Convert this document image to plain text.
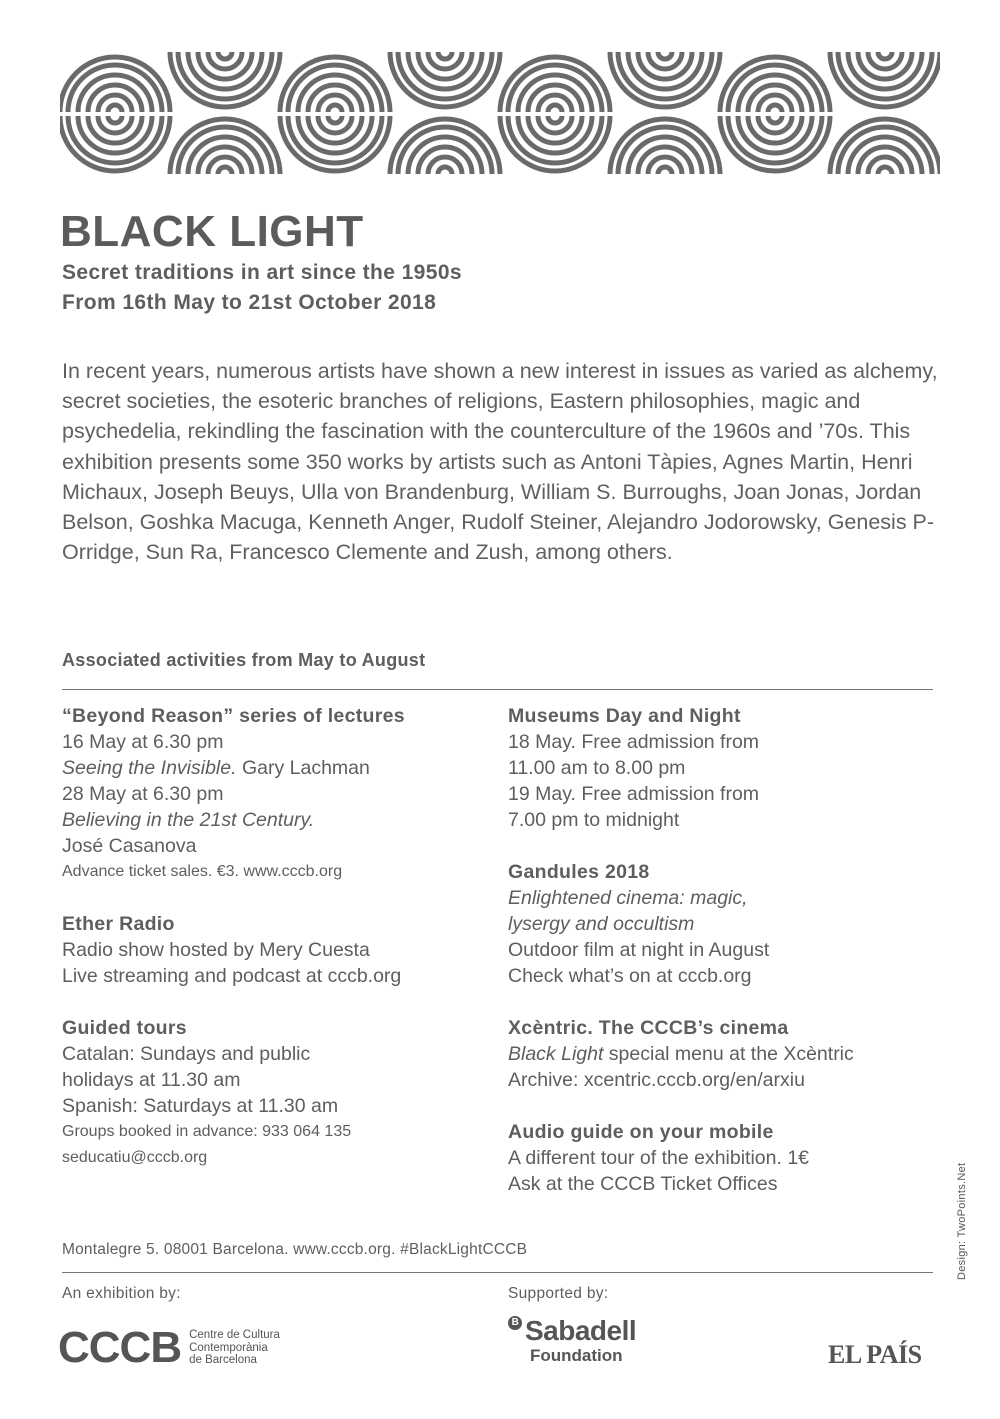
BLACK LIGHT
Secret traditions in art since the 1950s
From 16th May to 21st October 2018

In recent years, numerous artists have shown a new interest in issues as varied as alchemy, secret societies, the esoteric branches of religions, Eastern philosophies, magic and psychedelia, rekindling the fascination with the counterculture of the 1960s and ’70s. This exhibition presents some 350 works by artists such as Antoni Tàpies, Agnes Martin, Henri Michaux, Joseph Beuys, Ulla von Brandenburg, William S. Burroughs, Joan Jonas, Jordan Belson, Goshka Macuga, Kenneth Anger, Rudolf Steiner, Alejandro Jodorowsky, Genesis P-Orridge, Sun Ra, Francesco Clemente and Zush, among others.

Associated activities from May to August
“Beyond Reason” series of lectures
16 May at 6.30 pm
Seeing the Invisible. Gary Lachman
28 May at 6.30 pm
Believing in the 21st Century.
José Casanova
Advance ticket sales. €3. www.cccb.org
Ether Radio
Radio show hosted by Mery Cuesta
Live streaming and podcast at cccb.org
Guided tours
Catalan: Sundays and public
holidays at 11.30 am
Spanish: Saturdays at 11.30 am
Groups booked in advance: 933 064 135
seducatiu@cccb.org
Museums Day and Night
18 May. Free admission from
11.00 am to 8.00 pm
19 May. Free admission from
7.00 pm to midnight
Gandules 2018
Enlightened cinema: magic,
lysergy and occultism
Outdoor film at night in August
Check what’s on at cccb.org
Xcèntric. The CCCB’s cinema
Black Light special menu at the Xcèntric
Archive: xcentric.cccb.org/en/arxiu
Audio guide on your mobile
A different tour of the exhibition. 1€
Ask at the CCCB Ticket Offices
Montalegre 5. 08001 Barcelona. www.cccb.org. #BlackLightCCCB
An exhibition by:	Supported by:
CCCB Centre de Cultura
Contemporània
de Barcelona
B Sabadell
Foundation	EL PAÍS
Design: TwoPoints.Net
